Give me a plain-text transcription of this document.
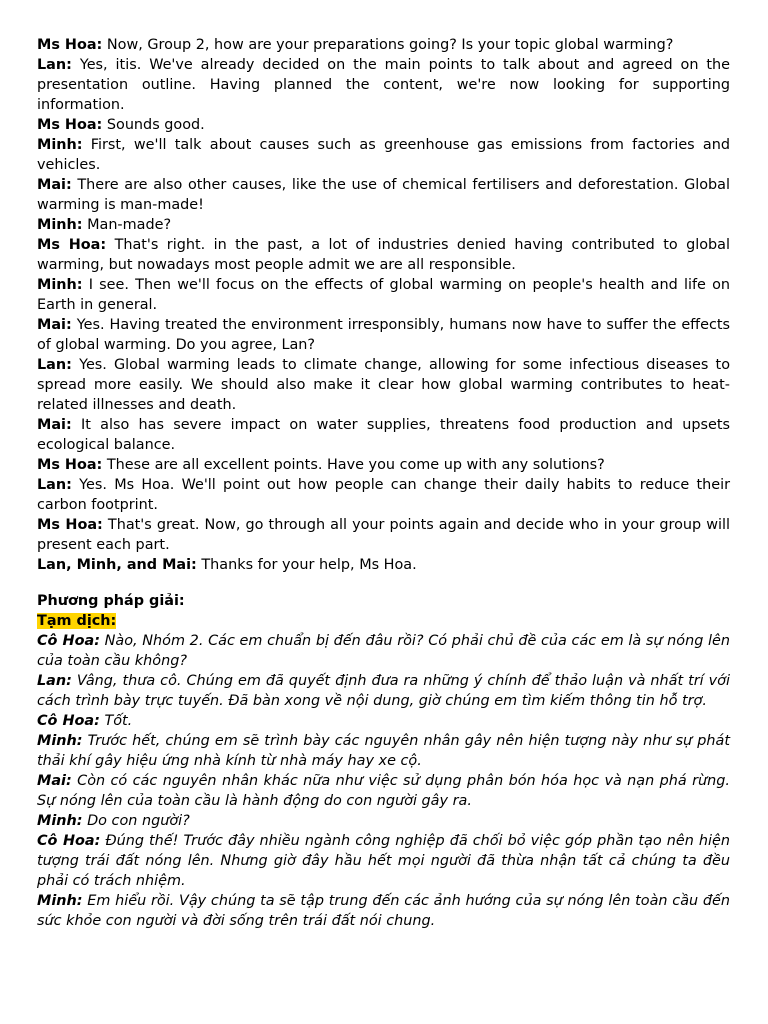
Ms Hoa: Now, Group 2, how are your preparations going? Is your topic global warming?

Lan: Yes, itis. We've already decided on the main points to talk about and agreed on the presentation outline. Having planned the content, we're now looking for supporting information.

Ms Hoa: Sounds good.

Minh: First, we'll talk about causes such as greenhouse gas emissions from factories and vehicles.

Mai: There are also other causes, like the use of chemical fertilisers and deforestation. Global warming is man-made!

Minh: Man-made?

Ms Hoa: That's right. in the past, a lot of industries denied having contributed to global warming, but nowadays most people admit we are all responsible.

Minh: I see. Then we'll focus on the effects of global warming on people's health and life on Earth in general.

Mai: Yes. Having treated the environment irresponsibly, humans now have to suffer the effects of global warming. Do you agree, Lan?

Lan: Yes. Global warming leads to climate change, allowing for some infectious diseases to spread more easily. We should also make it clear how global warming contributes to heat-related illnesses and death.

Mai: It also has severe impact on water supplies, threatens food production and upsets ecological balance.

Ms Hoa: These are all excellent points. Have you come up with any solutions?

Lan: Yes. Ms Hoa. We'll point out how people can change their daily habits to reduce their carbon footprint.

Ms Hoa: That's great. Now, go through all your points again and decide who in your group will present each part.

Lan, Minh, and Mai: Thanks for your help, Ms Hoa.

Phương pháp giải:

Tạm dịch:

Cô Hoa: Nào, Nhóm 2. Các em chuẩn bị đến đâu rồi? Có phải chủ đề của các em là sự nóng lên của toàn cầu không?

Lan: Vâng, thưa cô. Chúng em đã quyết định đưa ra những ý chính để thảo luận và nhất trí với cách trình bày trực tuyến. Đã bàn xong về nội dung, giờ chúng em tìm kiếm thông tin hỗ trợ.

Cô Hoa: Tốt.

Minh: Trước hết, chúng em sẽ trình bày các nguyên nhân gây nên hiện tượng này như sự phát thải khí gây hiệu ứng nhà kính từ nhà máy hay xe cộ.

Mai: Còn có các nguyên nhân khác nữa như việc sử dụng phân bón hóa học và nạn phá rừng. Sự nóng lên của toàn cầu là hành động do con người gây ra.

Minh: Do con người?

Cô Hoa: Đúng thế! Trước đây nhiều ngành công nghiệp đã chối bỏ việc góp phần tạo nên hiện tượng trái đất nóng lên. Nhưng giờ đây hầu hết mọi người đã thừa nhận tất cả chúng ta đều phải có trách nhiệm.

Minh: Em hiểu rồi. Vậy chúng ta sẽ tập trung đến các ảnh hướng của sự nóng lên toàn cầu đến sức khỏe con người và đời sống trên trái đất nói chung.
